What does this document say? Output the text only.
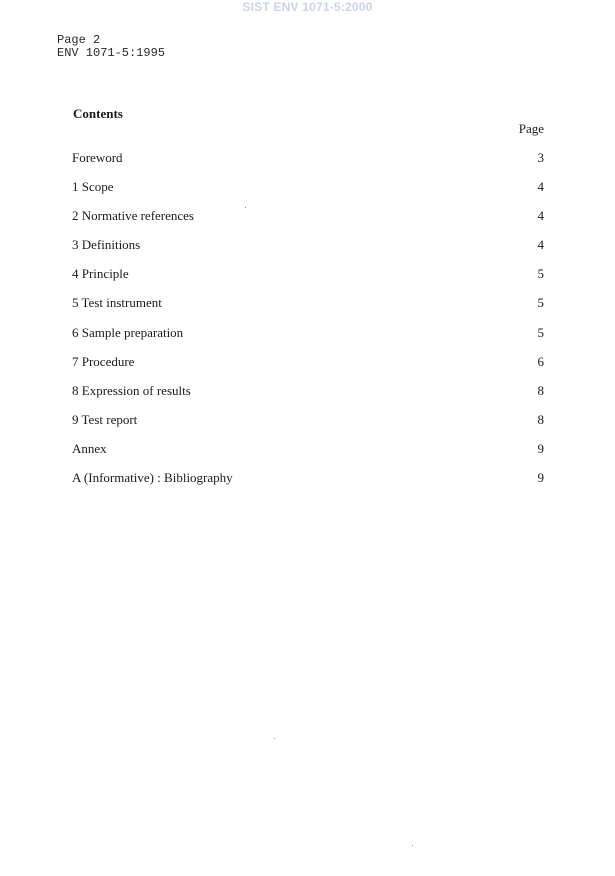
SIST ENV 1071-5:2000
Page 2
ENV 1071-5:1995
Contents
Page
Foreword	3
1 Scope	4
2 Normative references	4
3 Definitions	4
4 Principle	5
5 Test instrument	5
6 Sample preparation	5
7 Procedure	6
8 Expression of results	8
9 Test report	8
Annex	9
A (Informative) : Bibliography	9
